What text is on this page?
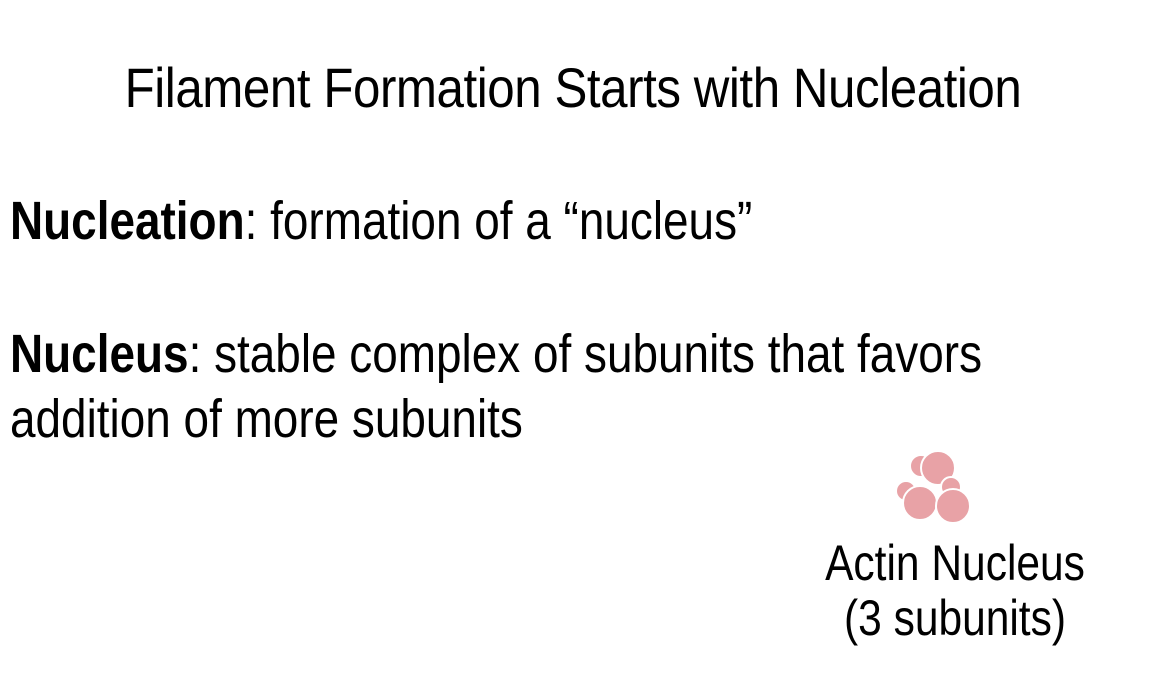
Filament Formation Starts with Nucleation

Nucleation: formation of a “nucleus”

Nucleus: stable complex of subunits that favors
addition of more subunits

Actin Nucleus
(3 subunits)
